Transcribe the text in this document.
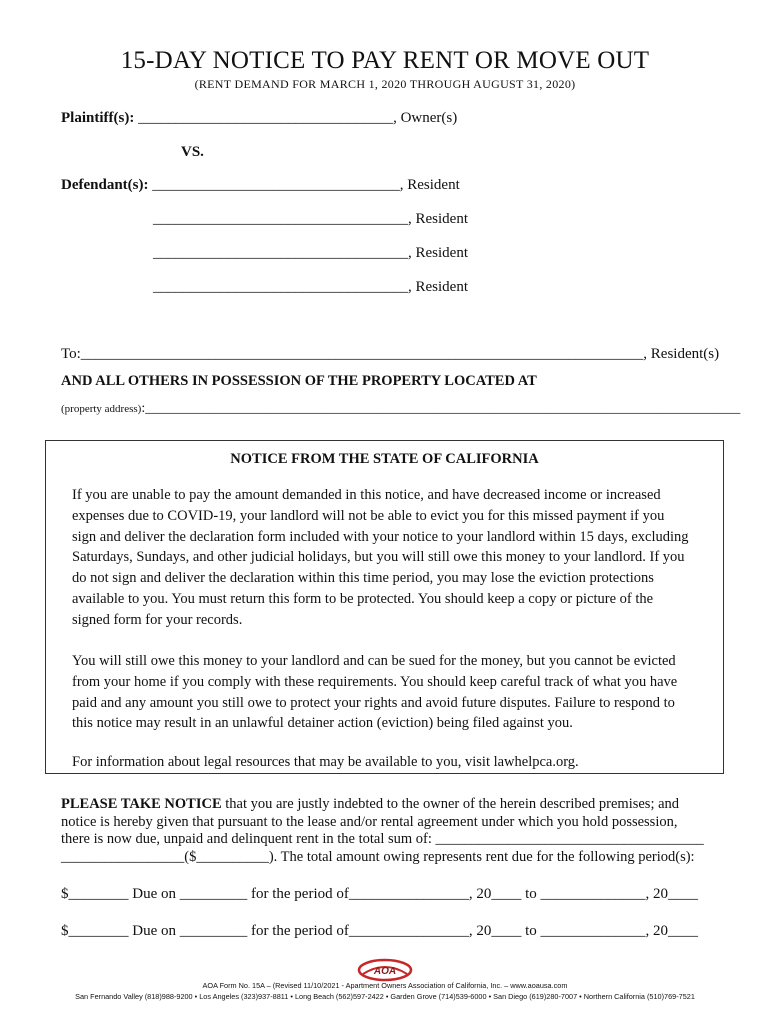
15-DAY NOTICE TO PAY RENT OR MOVE OUT
(RENT DEMAND FOR MARCH 1, 2020 THROUGH AUGUST 31, 2020)
Plaintiff(s): __________________________________, Owner(s)
VS.
Defendant(s): _________________________________, Resident
__________________________________, Resident
__________________________________, Resident
__________________________________, Resident
To:___________________________________________________________________________, Resident(s)
AND ALL OTHERS IN POSSESSION OF THE PROPERTY LOCATED AT
(property address):_____________________________________________________________________________________
NOTICE FROM THE STATE OF CALIFORNIA
If you are unable to pay the amount demanded in this notice, and have decreased income or increased
expenses due to COVID-19, your landlord will not be able to evict you for this missed payment if you
sign and deliver the declaration form included with your notice to your landlord within 15 days, excluding
Saturdays, Sundays, and other judicial holidays, but you will still owe this money to your landlord. If you
do not sign and deliver the declaration within this time period, you may lose the eviction protections
available to you. You must return this form to be protected. You should keep a copy or picture of the
signed form for your records.
You will still owe this money to your landlord and can be sued for the money, but you cannot be evicted
from your home if you comply with these requirements. You should keep careful track of what you have
paid and any amount you still owe to protect your rights and avoid future disputes. Failure to respond to
this notice may result in an unlawful detainer action (eviction) being filed against you.
For information about legal resources that may be available to you, visit lawhelpca.org.
PLEASE TAKE NOTICE that you are justly indebted to the owner of the herein described premises; and
notice is hereby given that pursuant to the lease and/or rental agreement under which you hold possession,
there is now due, unpaid and delinquent rent in the total sum of: _____________________________________
_________________($__________). The total amount owing represents rent due for the following period(s):
$________ Due on _________ for the period of________________, 20____ to ______________, 20____
$________ Due on _________ for the period of________________, 20____ to ______________, 20____
AOA
AOA Form No. 15A – (Revised 11/10/2021 - Apartment Owners Association of California, Inc. – www.aoausa.com
San Fernando Valley (818)988-9200 • Los Angeles (323)937-8811 • Long Beach (562)597-2422 • Garden Grove (714)539-6000 • San Diego (619)280-7007 • Northern California (510)769-7521
